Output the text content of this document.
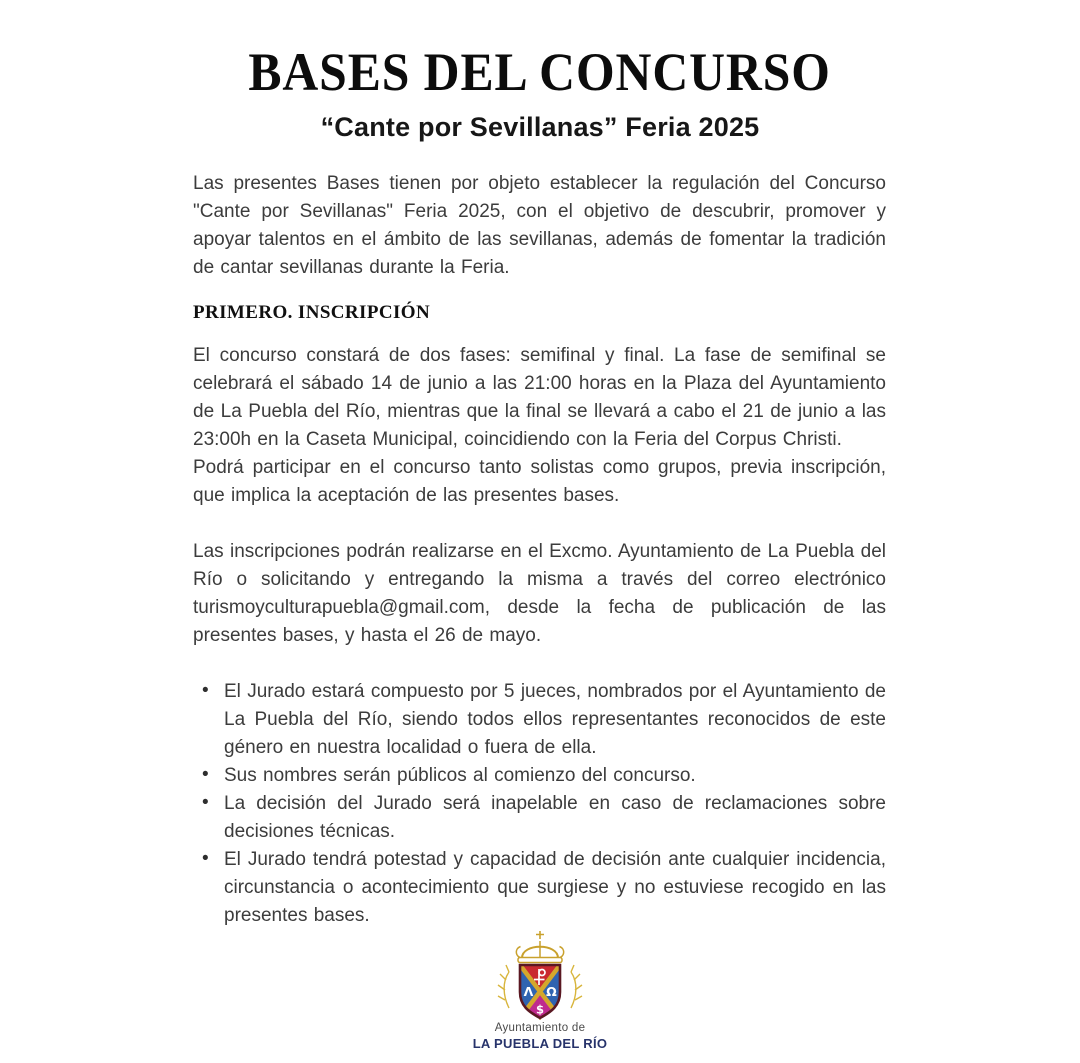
BASES DEL CONCURSO
“Cante por Sevillanas” Feria 2025

Las presentes Bases tienen por objeto establecer la regulación del Concurso "Cante por Sevillanas" Feria 2025, con el objetivo de descubrir, promover y apoyar talentos en el ámbito de las sevillanas, además de fomentar la tradición de cantar sevillanas durante la Feria.

PRIMERO. INSCRIPCIÓN

El concurso constará de dos fases: semifinal y final. La fase de semifinal se celebrará el sábado 14 de junio a las 21:00 horas en la Plaza del Ayuntamiento de La Puebla del Río, mientras que la final se llevará a cabo el 21 de junio a las 23:00h en la Caseta Municipal, coincidiendo con la Feria del Corpus Christi.

Podrá participar en el concurso tanto solistas como grupos, previa inscripción, que implica la aceptación de las presentes bases.

Las inscripciones podrán realizarse en el Excmo. Ayuntamiento de La Puebla del Río o solicitando y entregando la misma a través del correo electrónico turismoyculturapuebla@gmail.com, desde la fecha de publicación de las presentes bases, y hasta el 26 de mayo.

• El Jurado estará compuesto por 5 jueces, nombrados por el Ayuntamiento de La Puebla del Río, siendo todos ellos representantes reconocidos de este género en nuestra localidad o fuera de ella.
• Sus nombres serán públicos al comienzo del concurso.
• La decisión del Jurado será inapelable en caso de reclamaciones sobre decisiones técnicas.
• El Jurado tendrá potestad y capacidad de decisión ante cualquier incidencia, circunstancia o acontecimiento que surgiese y no estuviese recogido en las presentes bases.
Λ Ω
$

Ayuntamiento de

LA PUEBLA DEL RÍO
